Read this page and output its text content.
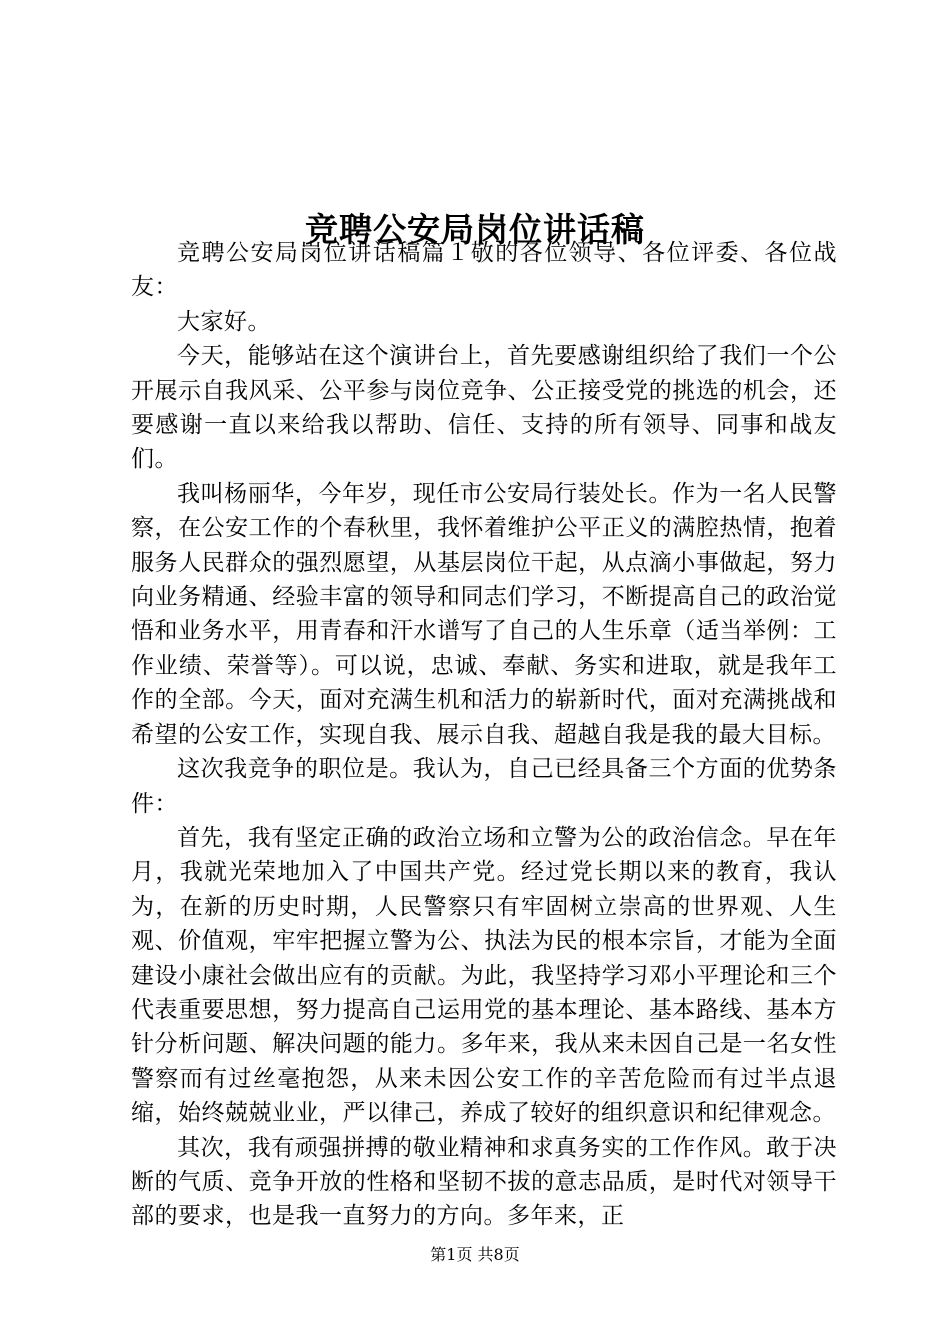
竞聘公安局岗位讲话稿

竞聘公安局岗位讲话稿篇１敬的各位领导、各位评委、各位战友：

大家好。

今天，能够站在这个演讲台上，首先要感谢组织给了我们一个公开展示自我风采、公平参与岗位竞争、公正接受党的挑选的机会，还要感谢一直以来给我以帮助、信任、支持的所有领导、同事和战友们。

我叫杨丽华，今年岁，现任市公安局行装处长。作为一名人民警察，在公安工作的个春秋里，我怀着维护公平正义的满腔热情，抱着服务人民群众的强烈愿望，从基层岗位干起，从点滴小事做起，努力向业务精通、经验丰富的领导和同志们学习，不断提高自己的政治觉悟和业务水平，用青春和汗水谱写了自己的人生乐章（适当举例：工作业绩、荣誉等）。可以说，忠诚、奉献、务实和进取，就是我年工作的全部。今天，面对充满生机和活力的崭新时代，面对充满挑战和希望的公安工作，实现自我、展示自我、超越自我是我的最大目标。

这次我竞争的职位是。我认为，自己已经具备三个方面的优势条件：

首先，我有坚定正确的政治立场和立警为公的政治信念。早在年月，我就光荣地加入了中国共产党。经过党长期以来的教育，我认为，在新的历史时期，人民警察只有牢固树立崇高的世界观、人生观、价值观，牢牢把握立警为公、执法为民的根本宗旨，才能为全面建设小康社会做出应有的贡献。为此，我坚持学习邓小平理论和三个代表重要思想，努力提高自己运用党的基本理论、基本路线、基本方针分析问题、解决问题的能力。多年来，我从来未因自己是一名女性警察而有过丝毫抱怨，从来未因公安工作的辛苦危险而有过半点退缩，始终兢兢业业，严以律己，养成了较好的组织意识和纪律观念。

其次，我有顽强拼搏的敬业精神和求真务实的工作作风。敢于决断的气质、竞争开放的性格和坚韧不拔的意志品质，是时代对领导干部的要求，也是我一直努力的方向。多年来，正

第1页 共8页
